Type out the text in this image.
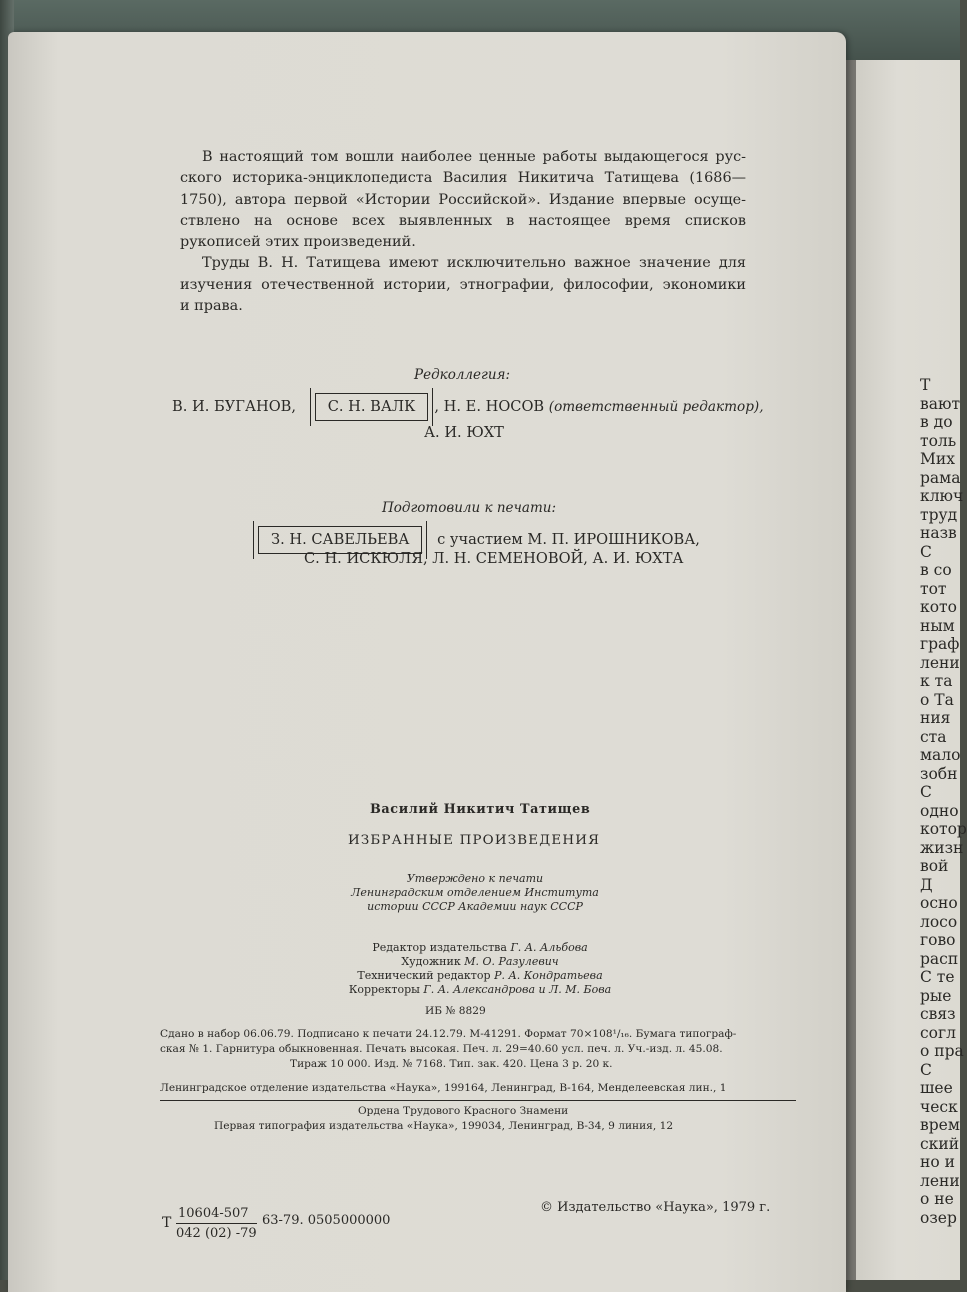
Т
вают
в до
толь
Мих
рама
ключ
труд
назв
С
в со
тот
кото
ным
граф
лени
к та
о Та
ния
ста
мало
зобн
С
одно
котор
жизн
вой
Д
осно
лосо
гово
расп
С те
рые
связ
согл
о пра
С
шее
ческ
врем
ский
но и
лени
о не
озер
В настоящий том вошли наиболее ценные работы выдающегося рус-
ского историка-энциклопедиста Василия Никитича Татищева (1686—
1750), автора первой «Истории Российской». Издание впервые осуще-
ствлено на основе всех выявленных в настоящее время списков
рукописей этих произведений.
Труды В. Н. Татищева имеют исключительно важное значение для
изучения отечественной истории, этнографии, философии, экономики
и права.
Редколлегия:
В. И. БУГАНОВ, С. Н. ВАЛК , Н. Е. НОСОВ (ответственный редактор),
А. И. ЮХТ
Подготовили к печати:
З. Н. САВЕЛЬЕВА с участием М. П. ИРОШНИКОВА,
С. Н. ИСКЮЛЯ, Л. Н. СЕМЕНОВОЙ, А. И. ЮХТА
Василий Никитич Татищев
ИЗБРАННЫЕ ПРОИЗВЕДЕНИЯ
Утверждено к печати
Ленинградским отделением Института
истории СССР Академии наук СССР
Редактор издательства Г. А. Альбова
Художник М. О. Разулевич
Технический редактор Р. А. Кондратьева
Корректоры Г. А. Александрова и Л. М. Бова
ИБ № 8829
Сдано в набор 06.06.79. Подписано к печати 24.12.79. М-41291. Формат 70×108¹/₁₆. Бумага типограф-
ская № 1. Гарнитура обыкновенная. Печать высокая. Печ. л. 29=40.60 усл. печ. л. Уч.-изд. л. 45.08.
Тираж 10 000. Изд. № 7168. Тип. зак. 420. Цена 3 р. 20 к.
Ленинградское отделение издательства «Наука», 199164, Ленинград, В-164, Менделеевская лин., 1
Ордена Трудового Красного Знамени
Первая типография издательства «Наука», 199034, Ленинград, В-34, 9 линия, 12
Т $\frac{10604-507}{042 (02) -79} 63-79$. 0505000000
© Издательство «Наука», 1979 г.
